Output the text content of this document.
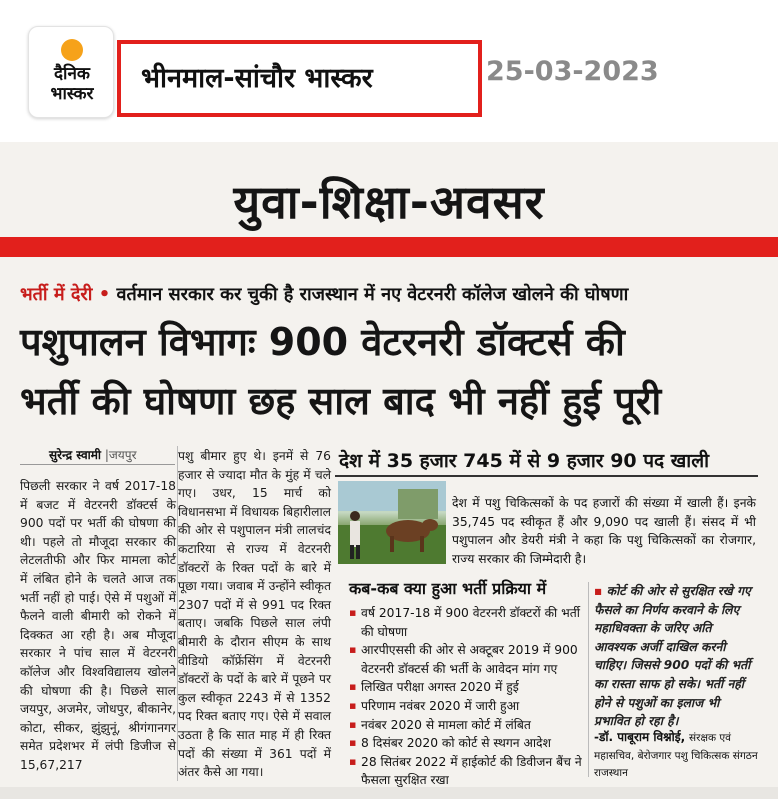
दैनिक
भास्कर	भीनमाल-सांचौर भास्कर	25-03-2023
युवा-शिक्षा-अवसर
भर्ती में देरी • वर्तमान सरकार कर चुकी है राजस्थान में नए वेटरनरी कॉलेज खोलने की घोषणा
पशुपालन विभागः 900 वेटरनरी डॉक्टर्स की
भर्ती की घोषणा छह साल बाद भी नहीं हुई पूरी
सुरेन्द्र स्वामी |जयपुर
पिछली सरकार ने वर्ष 2017-18 में बजट में वेटरनरी डॉक्टर्स के 900 पदों पर भर्ती की घोषणा की थी। पहले तो मौजूदा सरकार की लेटलतीफी और फिर मामला कोर्ट में लंबित होने के चलते आज तक भर्ती नहीं हो पाई। ऐसे में पशुओं में फैलने वाली बीमारी को रोकने में दिक्कत आ रही है। अब मौजूदा सरकार ने पांच साल में वेटरनरी कॉलेज और विश्वविद्यालय खोलने की घोषणा की है। पिछले साल जयपुर, अजमेर, जोधपुर, बीकानेर, कोटा, सीकर, झुंझुनूं, श्रीगंगानगर समेत प्रदेशभर में लंपी डिजीज से 15,67,217
पशु बीमार हुए थे। इनमें से 76 हजार से ज्यादा मौत के मुंह में चले गए। उधर, 15 मार्च को विधानसभा में विधायक बिहारीलाल की ओर से पशुपालन मंत्री लालचंद कटारिया से राज्य में वेटरनरी डॉक्टरों के रिक्त पदों के बारे में पूछा गया। जवाब में उन्होंने स्वीकृत 2307 पदों में से 991 पद रिक्त बताए। जबकि पिछले साल लंपी बीमारी के दौरान सीएम के साथ वीडियो कॉफ्रेंसिंग में वेटरनरी डॉक्टरों के पदों के बारे में पूछने पर कुल स्वीकृत 2243 में से 1352 पद रिक्त बताए गए। ऐसे में सवाल उठता है कि सात माह में ही रिक्त पदों की संख्या में 361 पदों में अंतर कैसे आ गया।
देश में 35 हजार 745 में से 9 हजार 90 पद खाली
देश में पशु चिकित्सकों के पद हजारों की संख्या में खाली हैं। इनके 35,745 पद स्वीकृत हैं और 9,090 पद खाली हैं। संसद में भी पशुपालन और डेयरी मंत्री ने कहा कि पशु चिकित्सकों का रोजगार, राज्य सरकार की जिम्मेदारी है।
कब-कब क्या हुआ भर्ती प्रक्रिया में
▪ वर्ष 2017-18 में 900 वेटरनरी डॉक्टरों की भर्ती की घोषणा
▪ आरपीएससी की ओर से अक्टूबर 2019 में 900 वेटरनरी डॉक्टर्स की भर्ती के आवेदन मांग गए
▪ लिखित परीक्षा अगस्त 2020 में हुई
▪ परिणाम नवंबर 2020 में जारी हुआ
▪ नवंबर 2020 से मामला कोर्ट में लंबित
▪ 8 दिसंबर 2020 को कोर्ट से स्थगन आदेश
▪ 28 सितंबर 2022 में हाईकोर्ट की डिवीजन बैंच ने फैसला सुरक्षित रखा
▪ कोर्ट की ओर से सुरक्षित रखे गए फैसले का निर्णय करवाने के लिए महाधिवक्ता के जरिए अति आवश्यक अर्जी दाखिल करनी चाहिए। जिससे 900 पदों की भर्ती का रास्ता साफ हो सके। भर्ती नहीं होने से पशुओं का इलाज भी प्रभावित हो रहा है।
-डॉ. पाबूराम विश्नोई, संरक्षक एवं महासचिव, बेरोजगार पशु चिकित्सक संगठन राजस्थान
